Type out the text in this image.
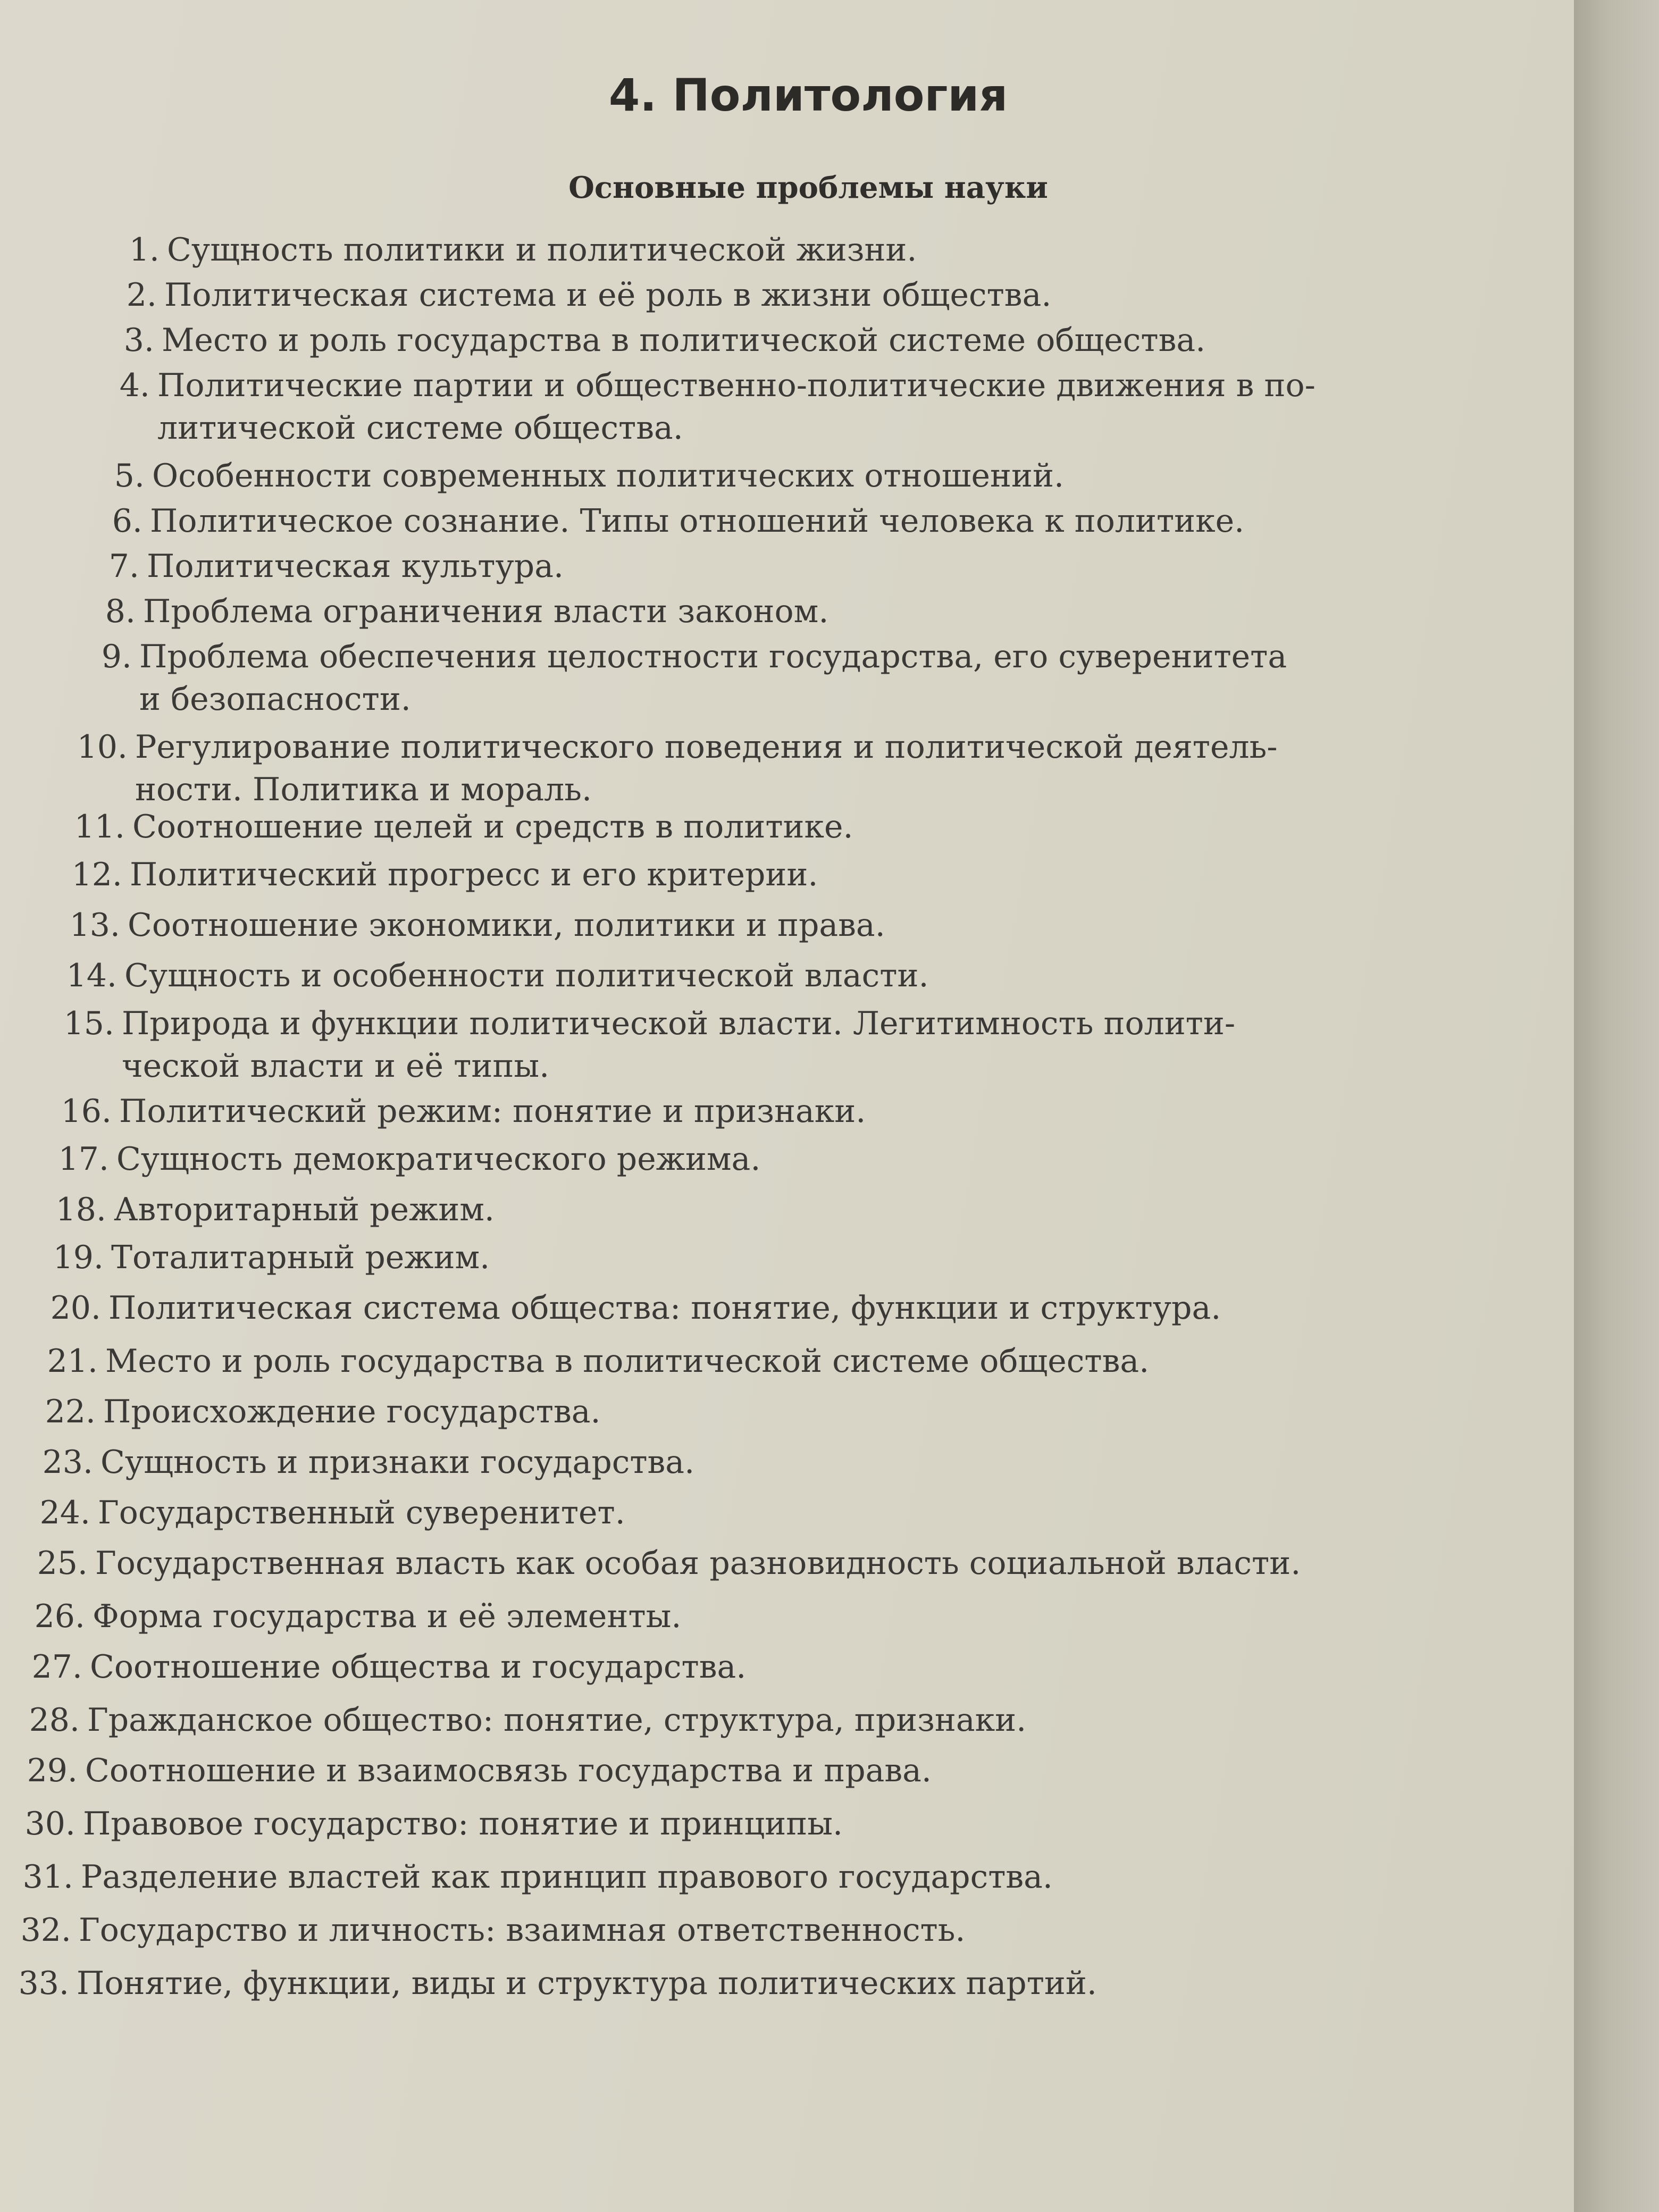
4. Политология
Основные проблемы науки
1. Сущность политики и политической жизни.
2. Политическая система и её роль в жизни общества.
3. Место и роль государства в политической системе общества.
4. Политические партии и общественно-политические движения в по-
литической системе общества.
5. Особенности современных политических отношений.
6. Политическое сознание. Типы отношений человека к политике.
7. Политическая культура.
8. Проблема ограничения власти законом.
9. Проблема обеспечения целостности государства, его суверенитета
и безопасности.
10. Регулирование политического поведения и политической деятель-
ности. Политика и мораль.
11. Соотношение целей и средств в политике.
12. Политический прогресс и его критерии.
13. Соотношение экономики, политики и права.
14. Сущность и особенности политической власти.
15. Природа и функции политической власти. Легитимность полити-
ческой власти и её типы.
16. Политический режим: понятие и признаки.
17. Сущность демократического режима.
18. Авторитарный режим.
19. Тоталитарный режим.
20. Политическая система общества: понятие, функции и структура.
21. Место и роль государства в политической системе общества.
22. Происхождение государства.
23. Сущность и признаки государства.
24. Государственный суверенитет.
25. Государственная власть как особая разновидность социальной власти.
26. Форма государства и её элементы.
27. Соотношение общества и государства.
28. Гражданское общество: понятие, структура, признаки.
29. Соотношение и взаимосвязь государства и права.
30. Правовое государство: понятие и принципы.
31. Разделение властей как принцип правового государства.
32. Государство и личность: взаимная ответственность.
33. Понятие, функции, виды и структура политических партий.
